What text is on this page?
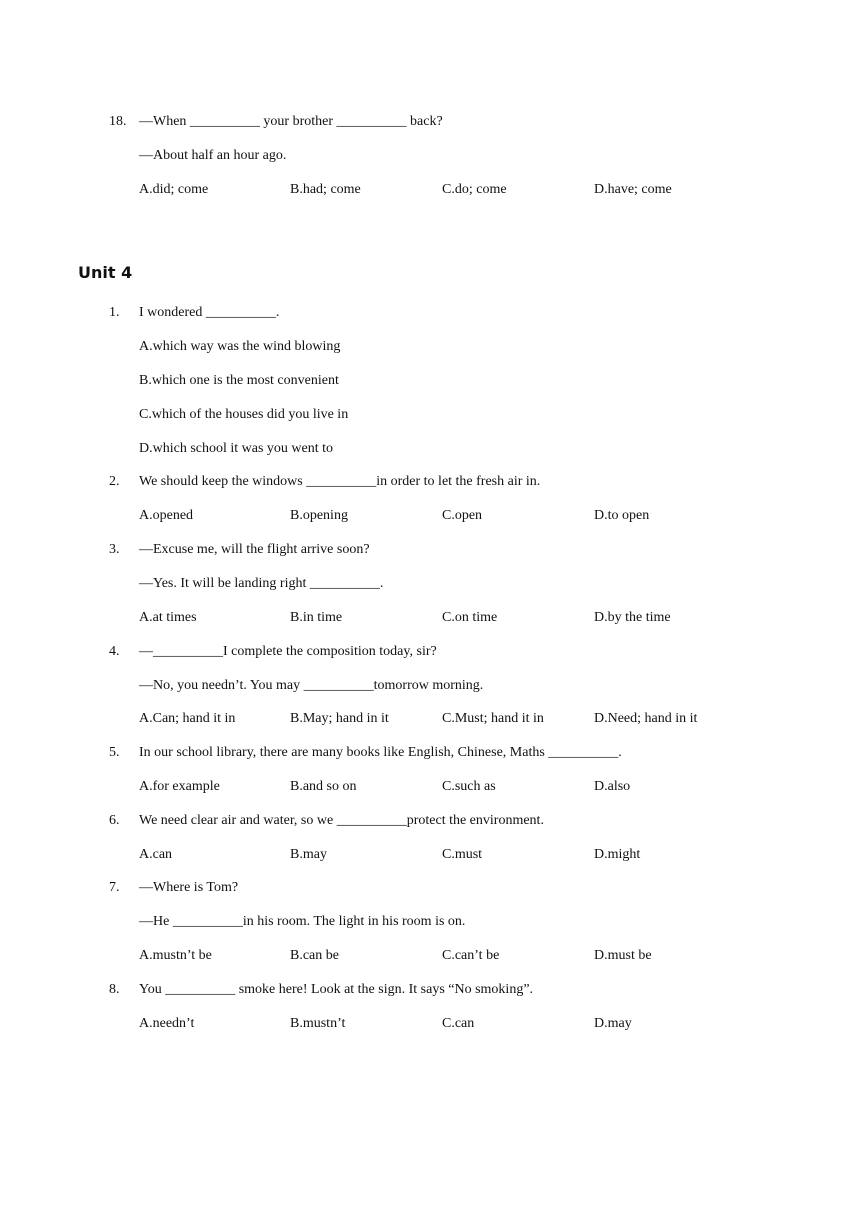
18. —When __________ your brother __________ back?
—About half an hour ago.
A.did; come	B.had; come	C.do; come	D.have; come
Unit 4
1. I wondered __________.
A.which way was the wind blowing
B.which one is the most convenient
C.which of the houses did you live in
D.which school it was you went to
2. We should keep the windows __________in order to let the fresh air in.
A.opened	B.opening	C.open	D.to open
3. —Excuse me, will the flight arrive soon?
—Yes. It will be landing right __________.
A.at times	B.in time	C.on time	D.by the time
4. —__________I complete the composition today, sir?
—No, you needn’t. You may __________tomorrow morning.
A.Can; hand it in	B.May; hand in it	C.Must; hand it in	D.Need; hand in it
5. In our school library, there are many books like English, Chinese, Maths __________.
A.for example	B.and so on	C.such as	D.also
6. We need clear air and water, so we __________protect the environment.
A.can	B.may	C.must	D.might
7. —Where is Tom?
—He __________in his room. The light in his room is on.
A.mustn’t be	B.can be	C.can’t be	D.must be
8. You __________ smoke here! Look at the sign. It says “No smoking”.
A.needn’t	B.mustn’t	C.can	D.may
